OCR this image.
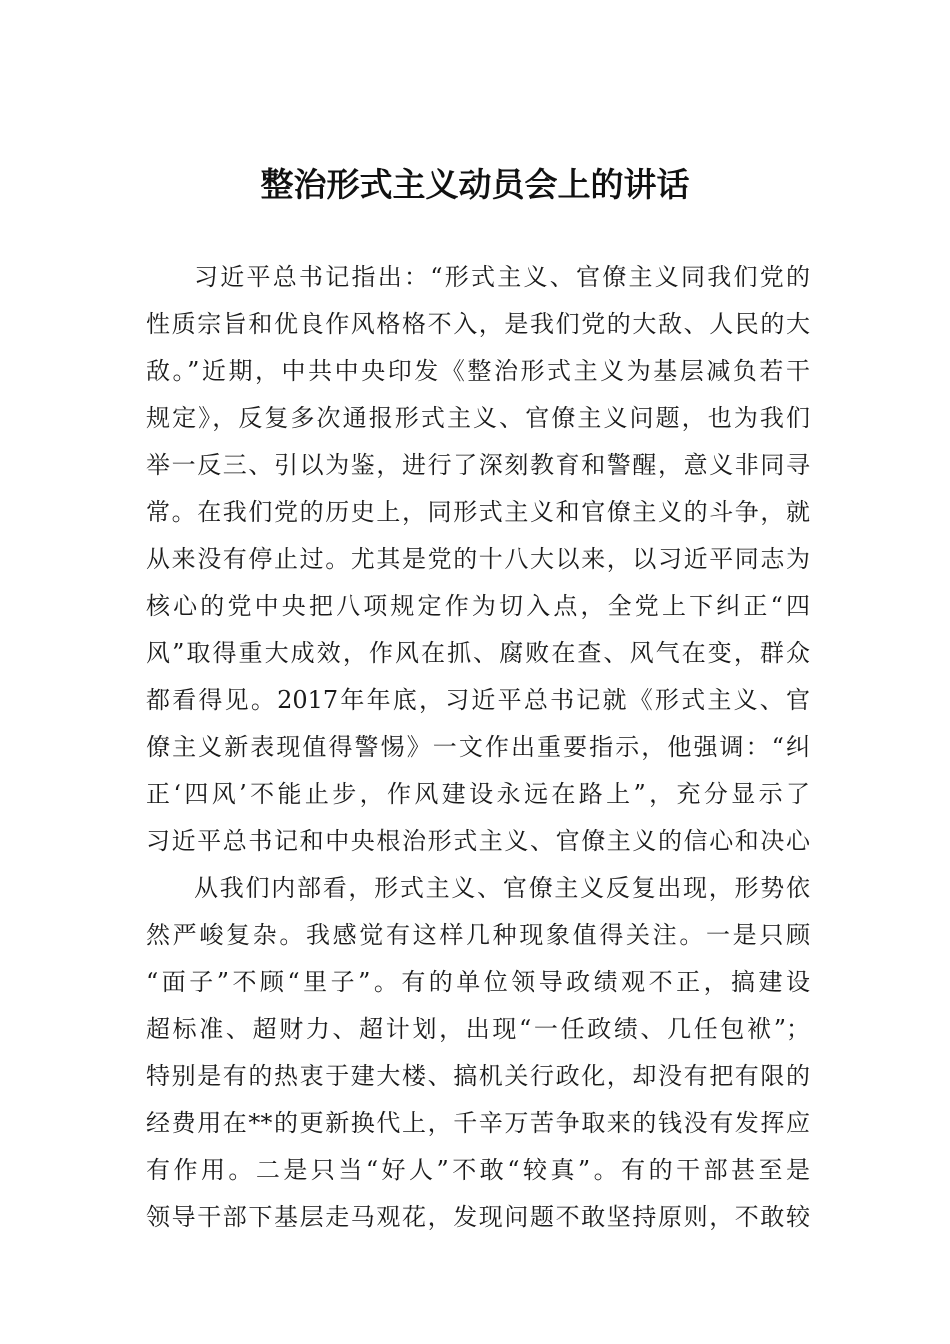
整治形式主义动员会上的讲话
习近平总书记指出：“形式主义、官僚主义同我们党的
性质宗旨和优良作风格格不入，是我们党的大敌、人民的大
敌。”近期，中共中央印发《整治形式主义为基层减负若干
规定》，反复多次通报形式主义、官僚主义问题，也为我们
举一反三、引以为鉴，进行了深刻教育和警醒，意义非同寻
常。在我们党的历史上，同形式主义和官僚主义的斗争，就
从来没有停止过。尤其是党的十八大以来，以习近平同志为
核心的党中央把八项规定作为切入点，全党上下纠正“四
风”取得重大成效，作风在抓、腐败在查、风气在变，群众
都看得见。2017年年底，习近平总书记就《形式主义、官
僚主义新表现值得警惕》一文作出重要指示，他强调：“纠
正‘四风’不能止步，作风建设永远在路上”，充分显示了
习近平总书记和中央根治形式主义、官僚主义的信心和决心
从我们内部看，形式主义、官僚主义反复出现，形势依
然严峻复杂。我感觉有这样几种现象值得关注。一是只顾
“面子”不顾“里子”。有的单位领导政绩观不正，搞建设
超标准、超财力、超计划，出现“一任政绩、几任包袱”；
特别是有的热衷于建大楼、搞机关行政化，却没有把有限的
经费用在**的更新换代上，千辛万苦争取来的钱没有发挥应
有作用。二是只当“好人”不敢“较真”。有的干部甚至是
领导干部下基层走马观花，发现问题不敢坚持原则，不敢较
